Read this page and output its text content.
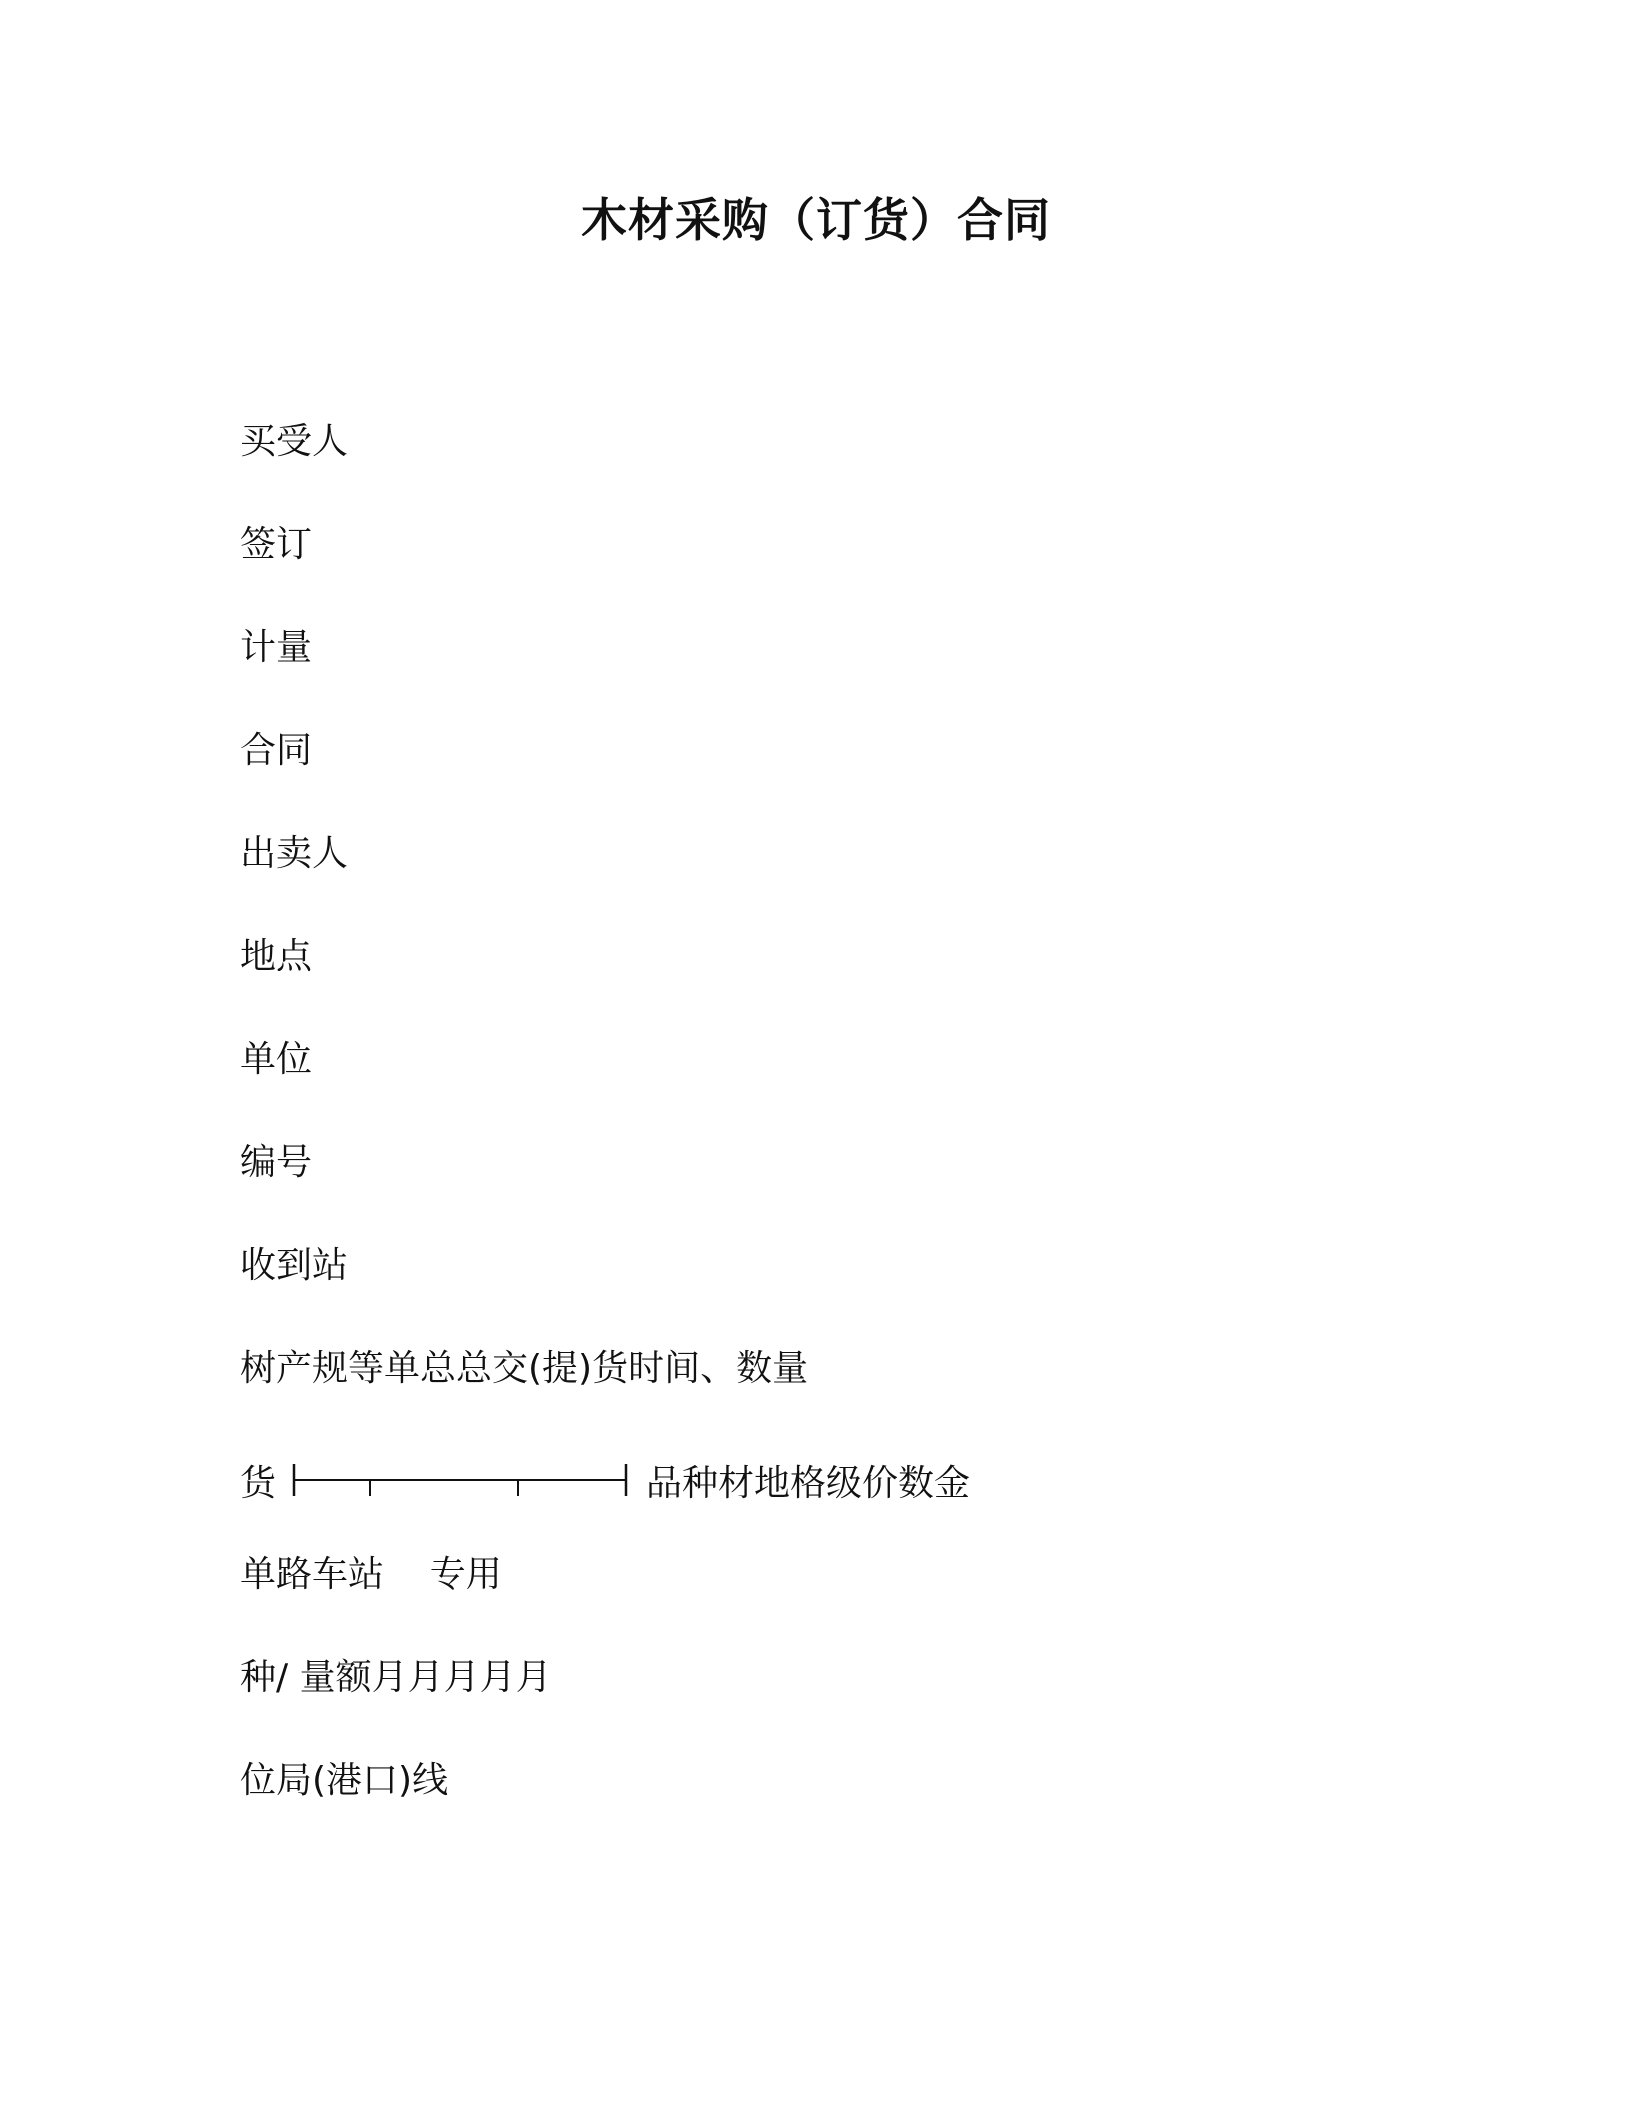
木材采购（订货）合同
买受人
签订
计量
合同
出卖人
地点
单位
编号
收到站
树产规等单总总交(提)货时间、数量
货	品种材地格级价数金
单路车站    专用
种/ 量额月月月月月
位局(港口)线
